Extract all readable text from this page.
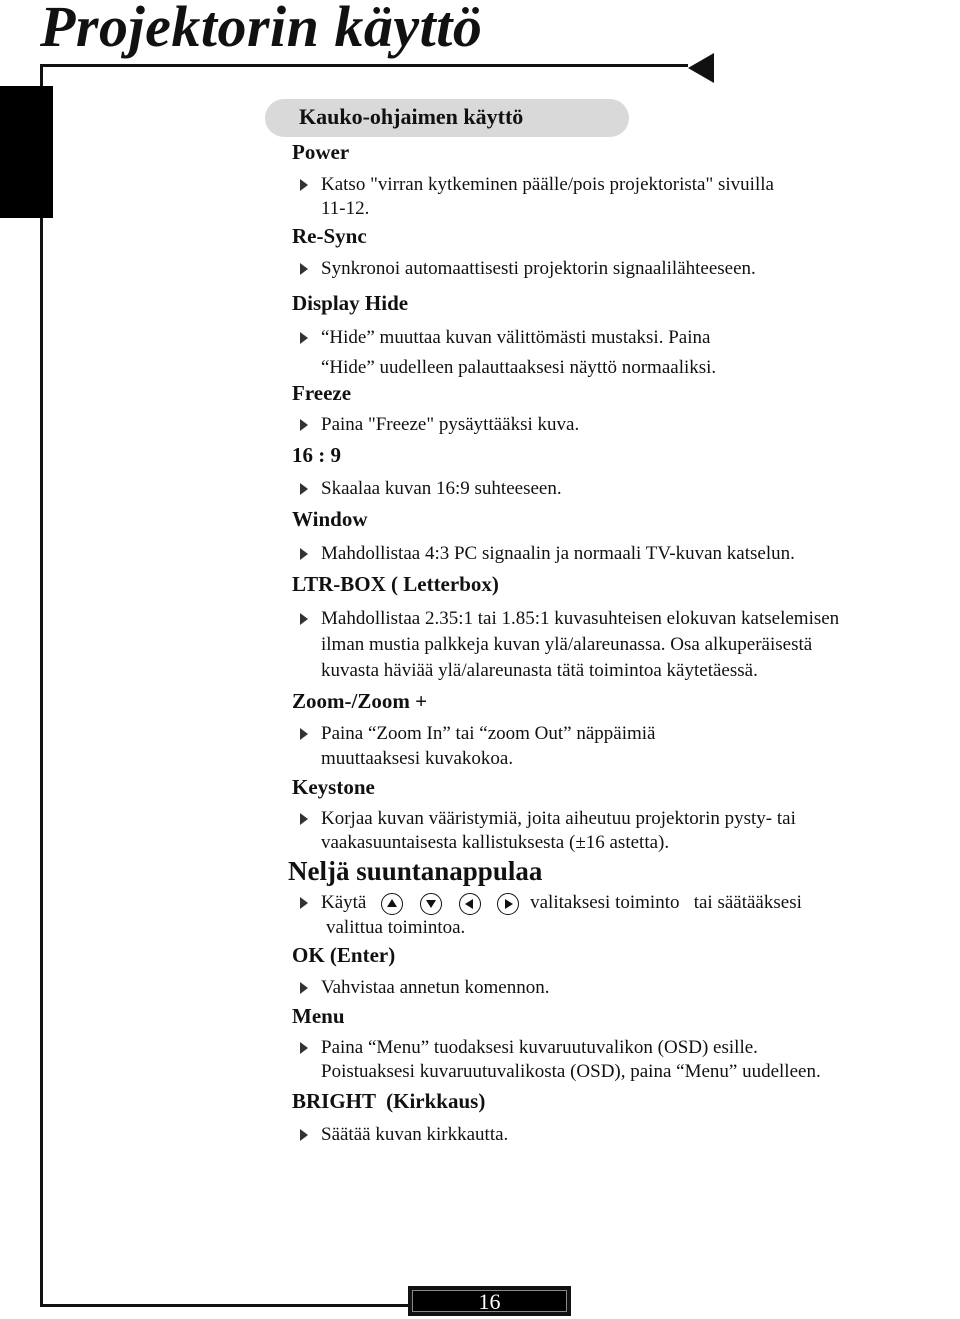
Projektorin käyttö
Kauko-ohjaimen käyttö
Power
Katso "virran kytkeminen päälle/pois projektorista" sivuilla
11-12.
Re-Sync
Synkronoi automaattisesti projektorin signaalilähteeseen.
Display Hide
“Hide” muuttaa kuvan välittömästi mustaksi. Paina
“Hide” uudelleen palauttaaksesi näyttö normaaliksi.
Freeze
Paina "Freeze" pysäyttääksi kuva.
16 : 9
Skaalaa kuvan 16:9 suhteeseen.
Window
Mahdollistaa 4:3 PC signaalin ja normaali TV-kuvan katselun.
LTR-BOX ( Letterbox)
Mahdollistaa 2.35:1 tai 1.85:1 kuvasuhteisen elokuvan katselemisen
ilman mustia palkkeja kuvan ylä/alareunassa. Osa alkuperäisestä
kuvasta häviää ylä/alareunasta tätä toimintoa käytetäessä.
Zoom-/Zoom +
Paina “Zoom In” tai “zoom Out” näppäimiä
muuttaaksesi kuvakokoa.
Keystone
Korjaa kuvan vääristymiä, joita aiheutuu projektorin pysty- tai
vaakasuuntaisesta kallistuksesta (±16 astetta).
Neljä suuntanappulaa
Käytä

	valitaksesi toiminto   tai säätääksesi
valittua toimintoa.
OK (Enter)
Vahvistaa annetun komennon.
Menu
Paina “Menu” tuodaksesi kuvaruutuvalikon (OSD) esille.
Poistuaksesi kuvaruutuvalikosta (OSD), paina “Menu” uudelleen.
BRIGHT  (Kirkkaus)
Säätää kuvan kirkkautta.
16
